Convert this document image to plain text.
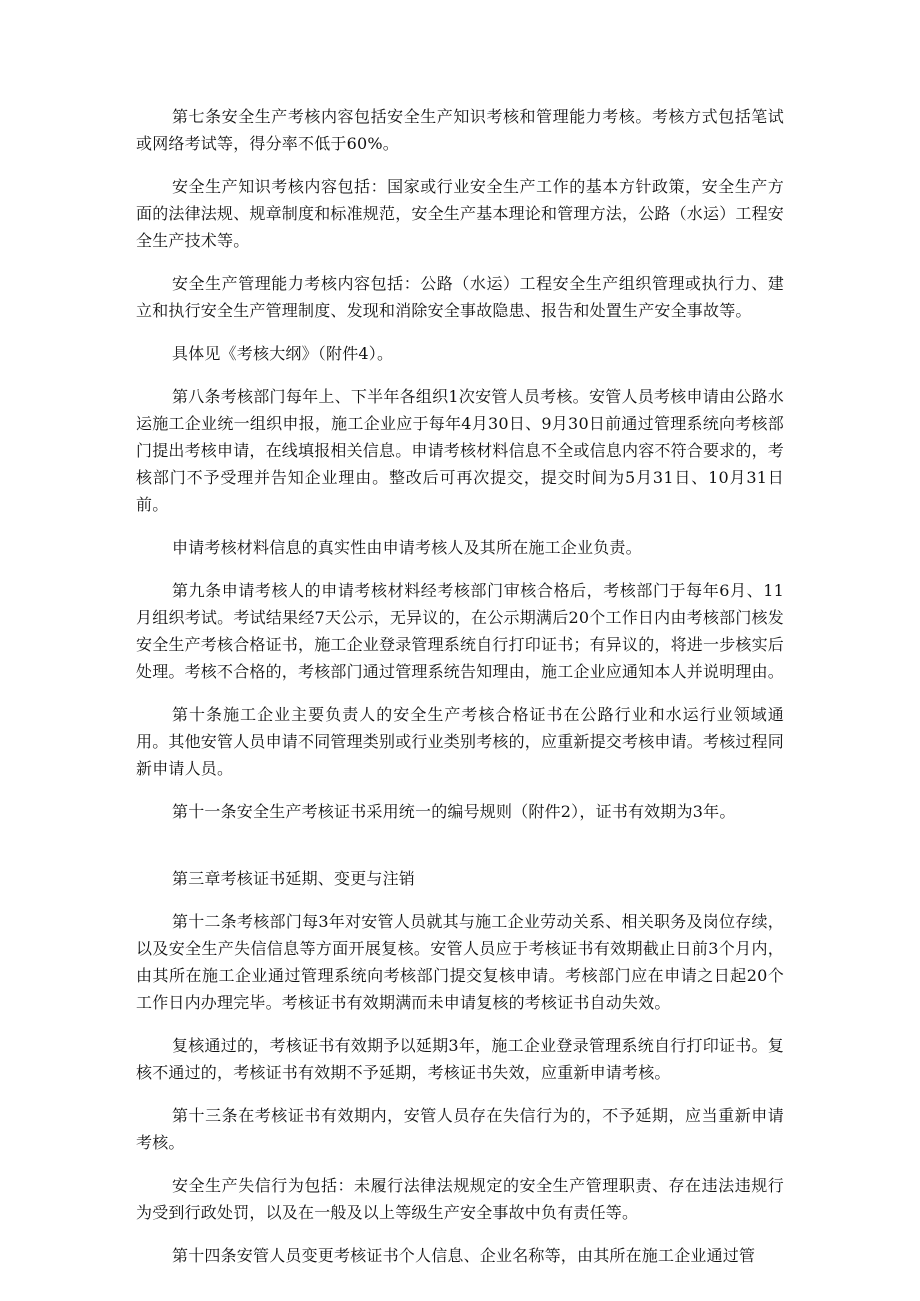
第七条安全生产考核内容包括安全生产知识考核和管理能力考核。考核方式包括笔试或网络考试等，得分率不低于60%。

安全生产知识考核内容包括：国家或行业安全生产工作的基本方针政策，安全生产方面的法律法规、规章制度和标准规范，安全生产基本理论和管理方法，公路（水运）工程安全生产技术等。

安全生产管理能力考核内容包括：公路（水运）工程安全生产组织管理或执行力、建立和执行安全生产管理制度、发现和消除安全事故隐患、报告和处置生产安全事故等。

具体见《考核大纲》（附件4）。

第八条考核部门每年上、下半年各组织1次安管人员考核。安管人员考核申请由公路水运施工企业统一组织申报，施工企业应于每年4月30日、9月30日前通过管理系统向考核部门提出考核申请，在线填报相关信息。申请考核材料信息不全或信息内容不符合要求的，考核部门不予受理并告知企业理由。整改后可再次提交，提交时间为5月31日、10月31日前。

申请考核材料信息的真实性由申请考核人及其所在施工企业负责。

第九条申请考核人的申请考核材料经考核部门审核合格后，考核部门于每年6月、11月组织考试。考试结果经7天公示，无异议的，在公示期满后20个工作日内由考核部门核发安全生产考核合格证书，施工企业登录管理系统自行打印证书；有异议的，将进一步核实后处理。考核不合格的，考核部门通过管理系统告知理由，施工企业应通知本人并说明理由。

第十条施工企业主要负责人的安全生产考核合格证书在公路行业和水运行业领域通用。其他安管人员申请不同管理类别或行业类别考核的，应重新提交考核申请。考核过程同新申请人员。

第十一条安全生产考核证书采用统一的编号规则（附件2），证书有效期为3年。

第三章考核证书延期、变更与注销

第十二条考核部门每3年对安管人员就其与施工企业劳动关系、相关职务及岗位存续，以及安全生产失信信息等方面开展复核。安管人员应于考核证书有效期截止日前3个月内，由其所在施工企业通过管理系统向考核部门提交复核申请。考核部门应在申请之日起20个工作日内办理完毕。考核证书有效期满而未申请复核的考核证书自动失效。

复核通过的，考核证书有效期予以延期3年，施工企业登录管理系统自行打印证书。复核不通过的，考核证书有效期不予延期，考核证书失效，应重新申请考核。

第十三条在考核证书有效期内，安管人员存在失信行为的，不予延期，应当重新申请考核。

安全生产失信行为包括：未履行法律法规规定的安全生产管理职责、存在违法违规行为受到行政处罚，以及在一般及以上等级生产安全事故中负有责任等。

第十四条安管人员变更考核证书个人信息、企业名称等，由其所在施工企业通过管
